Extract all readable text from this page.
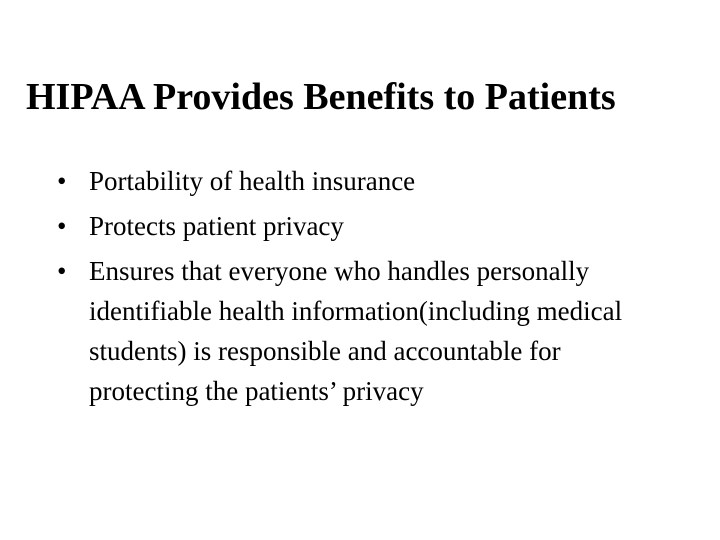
HIPAA Provides Benefits to Patients
• Portability of health insurance
• Protects patient privacy
• Ensures that everyone who handles personally identifiable health information(including medical students) is responsible and accountable for protecting the patients’ privacy
